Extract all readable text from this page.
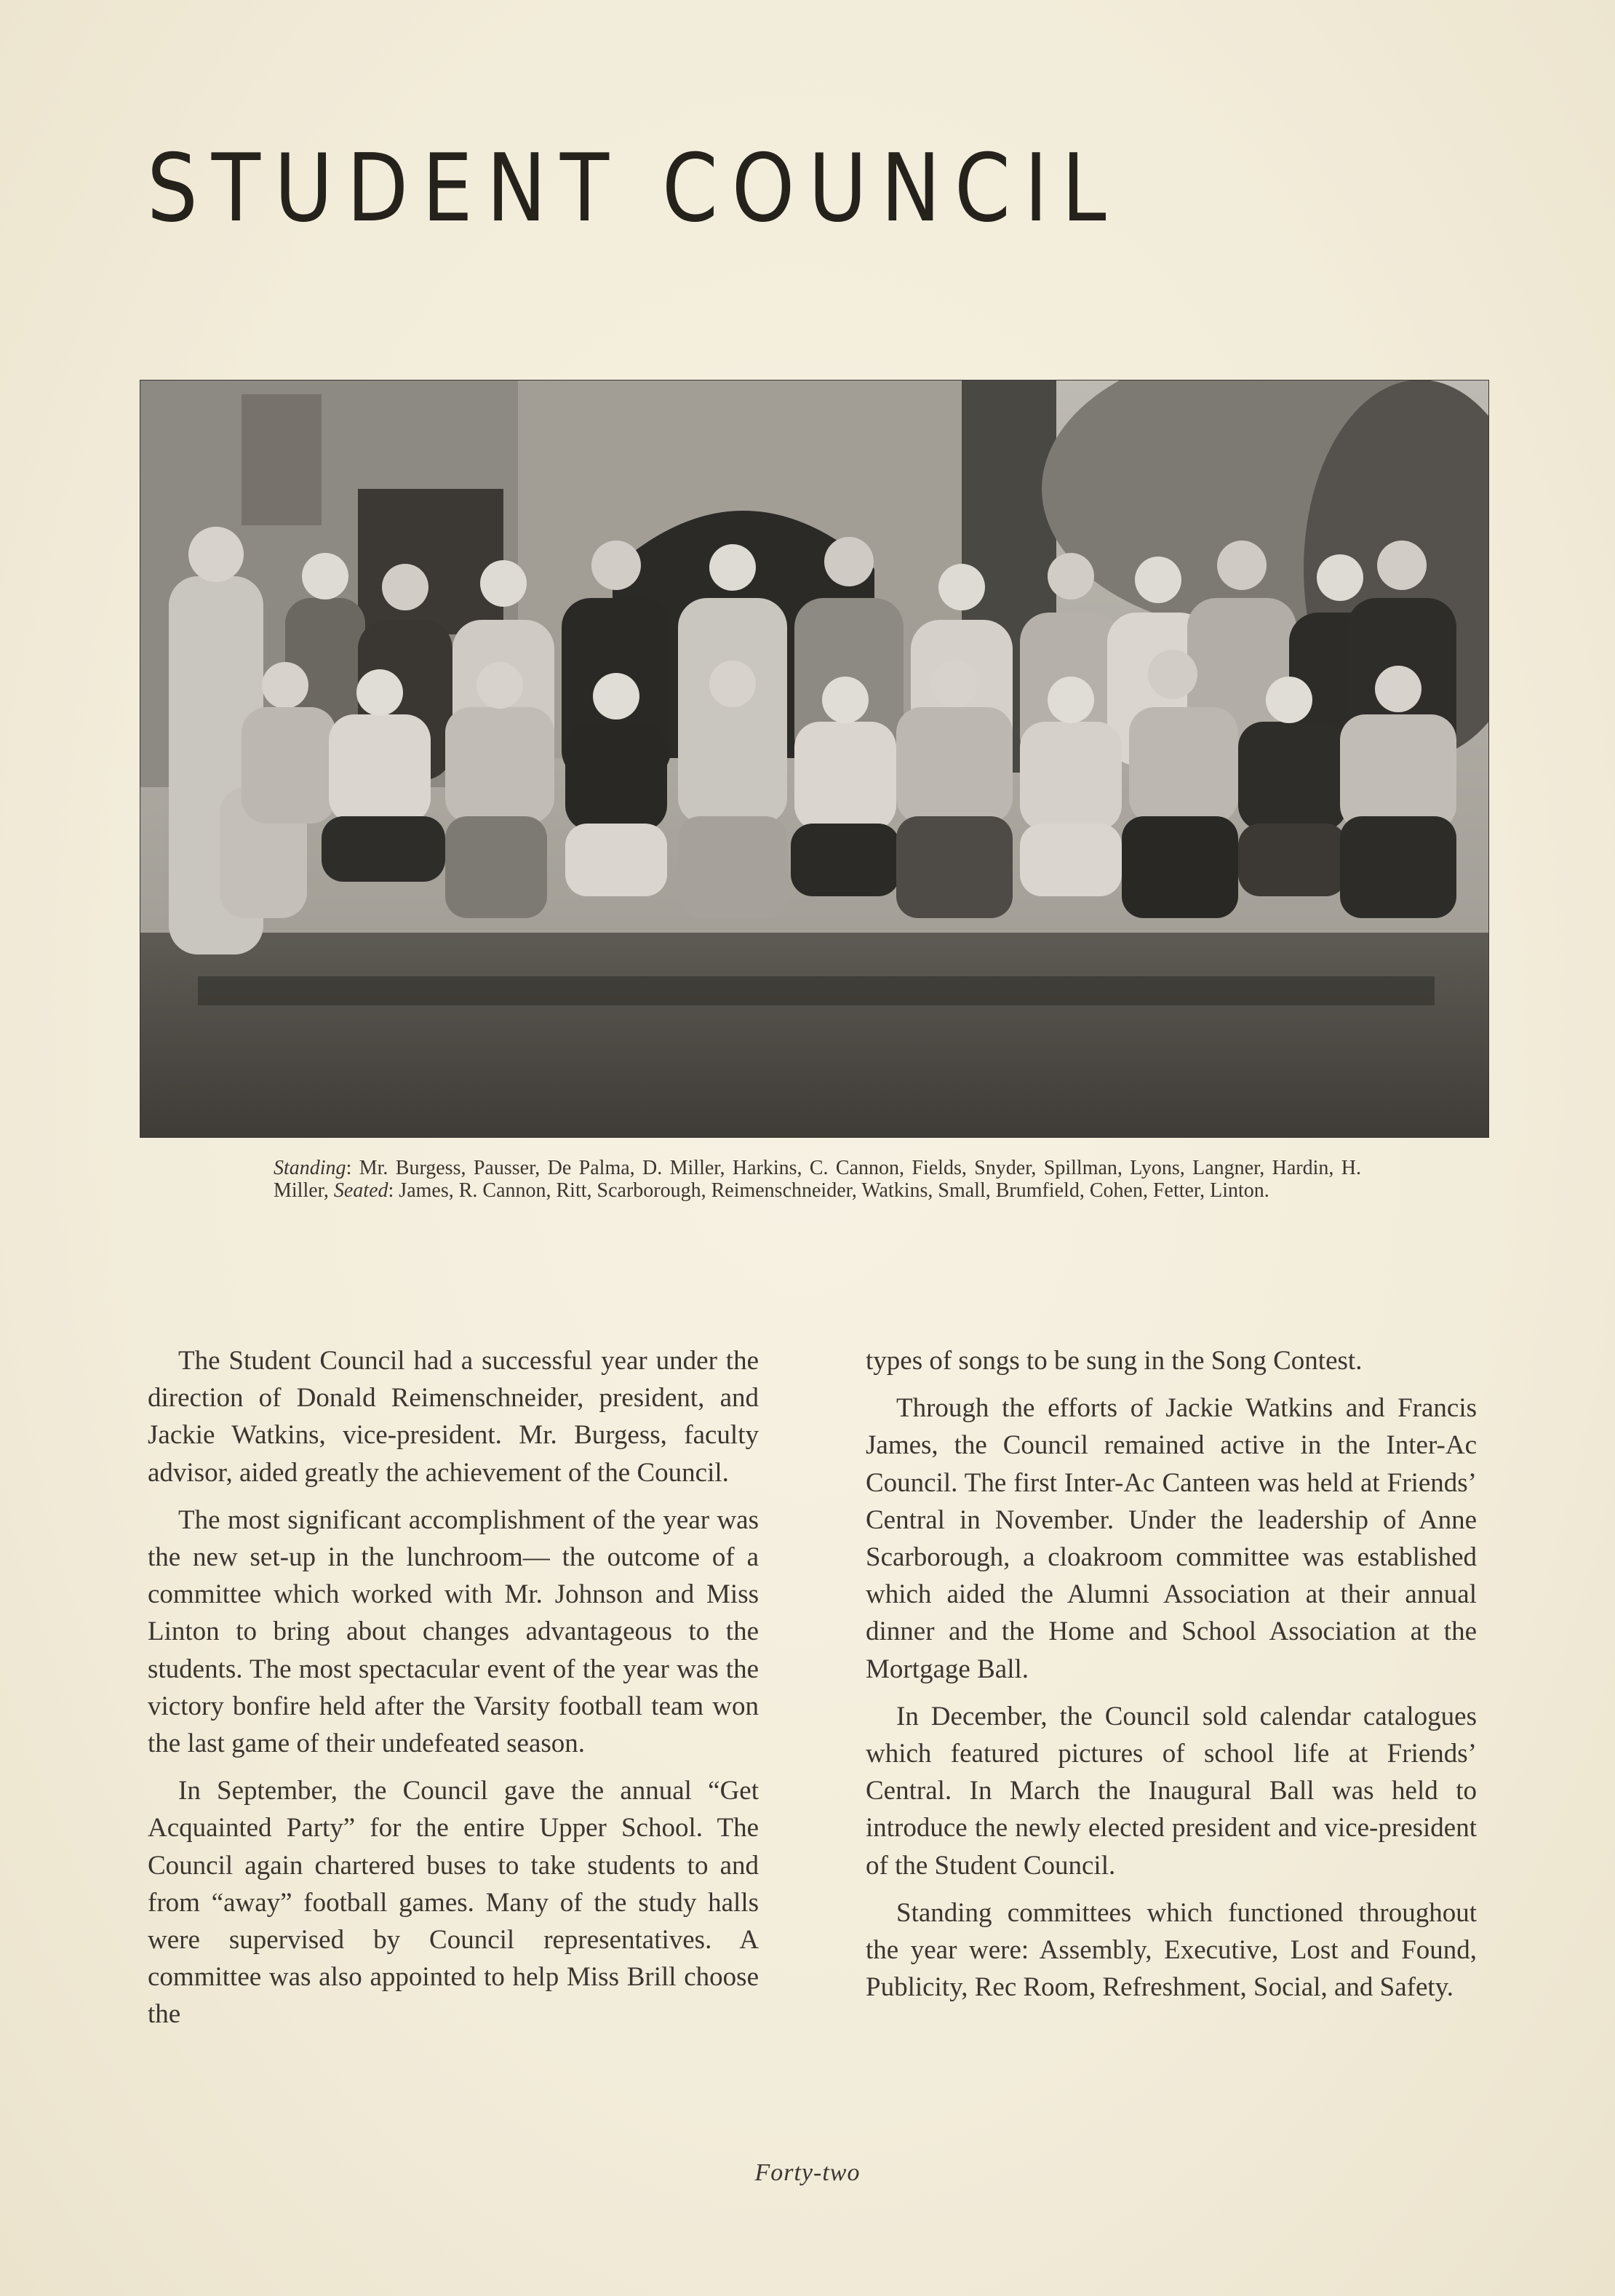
STUDENT COUNCIL
Standing: Mr. Burgess, Pausser, De Palma, D. Miller, Harkins, C. Cannon, Fields, Snyder, Spillman, Lyons, Langner, Hardin, H. Miller, Seated: James, R. Cannon, Ritt, Scarborough, Reimenschneider, Watkins, Small, Brumfield, Cohen, Fetter, Linton.

The Student Council had a successful year under the direction of Donald Reimenschneider, president, and Jackie Watkins, vice-president. Mr. Burgess, faculty advisor, aided greatly the achievement of the Council.

The most significant accomplishment of the year was the new set-up in the lunchroom— the outcome of a committee which worked with Mr. Johnson and Miss Linton to bring about changes advantageous to the students. The most spectacular event of the year was the victory bonfire held after the Varsity football team won the last game of their undefeated season.

In September, the Council gave the annual “Get Acquainted Party” for the entire Upper School. The Council again chartered buses to take students to and from “away” football games. Many of the study halls were supervised by Council representatives. A committee was also appointed to help Miss Brill choose the

types of songs to be sung in the Song Contest.

Through the efforts of Jackie Watkins and Francis James, the Council remained active in the Inter-Ac Council. The first Inter-Ac Canteen was held at Friends’ Central in November. Under the leadership of Anne Scarborough, a cloakroom committee was established which aided the Alumni Association at their annual dinner and the Home and School Association at the Mortgage Ball.

In December, the Council sold calendar catalogues which featured pictures of school life at Friends’ Central. In March the Inaugural Ball was held to introduce the newly elected president and vice-president of the Student Council.

Standing committees which functioned throughout the year were: Assembly, Executive, Lost and Found, Publicity, Rec Room, Refreshment, Social, and Safety.

Forty-two
